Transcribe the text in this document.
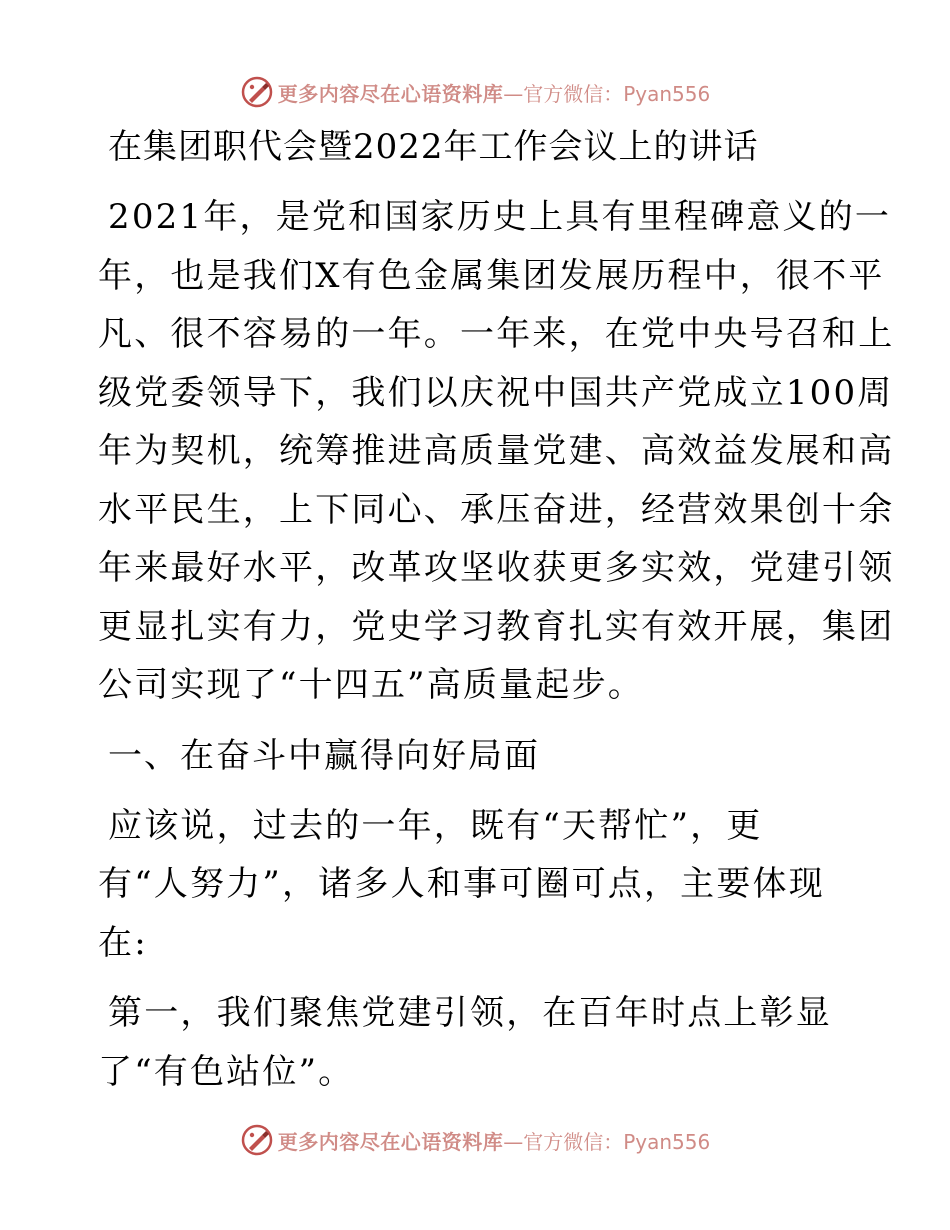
更多内容尽在心语资料库 —官方微信：Pyan556
在集团职代会暨2022年工作会议上的讲话

2021年，是党和国家历史上具有里程碑意义的一
年，也是我们X有色金属集团发展历程中，很不平
凡、很不容易的一年。一年来，在党中央号召和上
级党委领导下，我们以庆祝中国共产党成立100周
年为契机，统筹推进高质量党建、高效益发展和高
水平民生，上下同心、承压奋进，经营效果创十余
年来最好水平，改革攻坚收获更多实效，党建引领
更显扎实有力，党史学习教育扎实有效开展，集团
公司实现了“十四五”高质量起步。

一、在奋斗中赢得向好局面

应该说，过去的一年，既有“天帮忙”，更
有“人努力”，诸多人和事可圈可点，主要体现
在:

第一，我们聚焦党建引领，在百年时点上彰显
了“有色站位”。

更多内容尽在心语资料库 —官方微信：Pyan556
